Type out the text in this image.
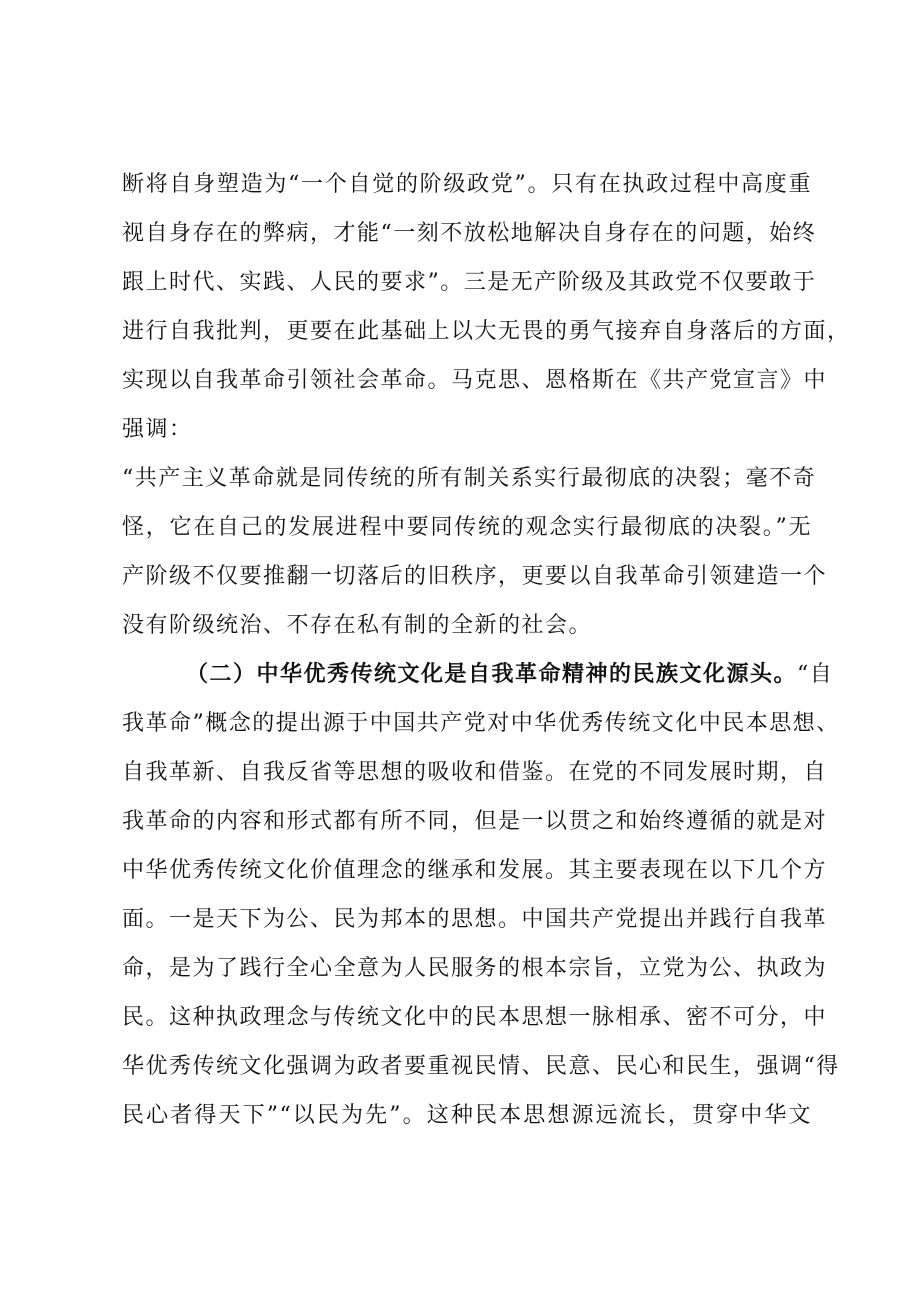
断将自身塑造为“一个自觉的阶级政党”。只有在执政过程中高度重
视自身存在的弊病，才能“一刻不放松地解决自身存在的问题，始终
跟上时代、实践、人民的要求”。三是无产阶级及其政党不仅要敢于
进行自我批判，更要在此基础上以大无畏的勇气接弃自身落后的方面，
实现以自我革命引领社会革命。马克思、恩格斯在《共产党宣言》中
强调：
“共产主义革命就是同传统的所有制关系实行最彻底的决裂；毫不奇
怪，它在自己的发展进程中要同传统的观念实行最彻底的决裂。”无
产阶级不仅要推翻一切落后的旧秩序，更要以自我革命引领建造一个
没有阶级统治、不存在私有制的全新的社会。
（二）中华优秀传统文化是自我革命精神的民族文化源头。“自
我革命”概念的提出源于中国共产党对中华优秀传统文化中民本思想、
自我革新、自我反省等思想的吸收和借鉴。在党的不同发展时期，自
我革命的内容和形式都有所不同，但是一以贯之和始终遵循的就是对
中华优秀传统文化价值理念的继承和发展。其主要表现在以下几个方
面。一是天下为公、民为邦本的思想。中国共产党提出并践行自我革
命，是为了践行全心全意为人民服务的根本宗旨，立党为公、执政为
民。这种执政理念与传统文化中的民本思想一脉相承、密不可分，中
华优秀传统文化强调为政者要重视民情、民意、民心和民生，强调“得
民心者得天下”“以民为先”。这种民本思想源远流长，贯穿中华文
